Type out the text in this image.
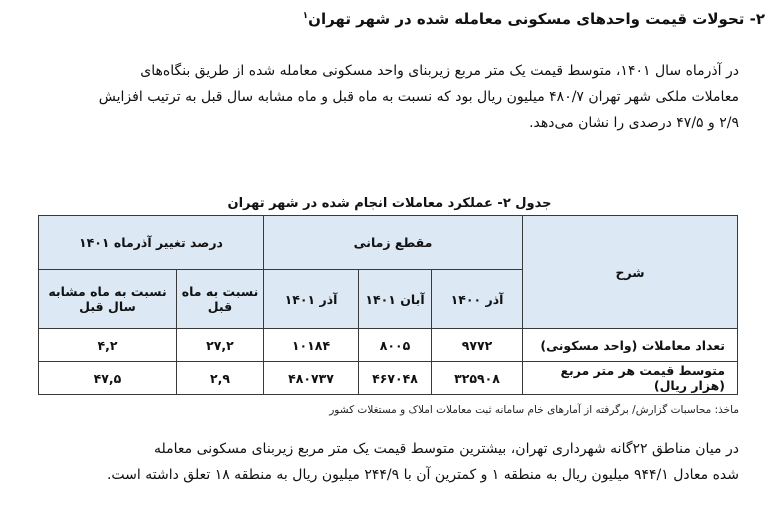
۲- تحولات قیمت واحدهای مسکونی معامله شده در شهر تهران$^۱$
در آذرماه سال ۱۴۰۱، متوسط قیمت یک متر مربع زیربنای واحد مسکونی معامله شده از طریق بنگاه‌های
معاملات ملکی شهر تهران ۴۸۰/۷ میلیون ریال بود که نسبت به ماه قبل و ماه مشابه سال قبل به ترتیب افزایش
۲/۹ و ۴۷/۵ درصدی را نشان می‌دهد.
جدول ۲- عملکرد معاملات انجام شده در شهر تهران
شرح	مقطع زمانی			درصد تغییر آذرماه ۱۴۰۱	
	آذر ۱۴۰۰	آبان ۱۴۰۱	آذر ۱۴۰۱	نسبت به ماه قبل	نسبت به ماه مشابه سال قبل
تعداد معاملات (واحد مسکونی)	۹۷۷۲	۸۰۰۵	۱۰۱۸۴	۲۷,۲	۴,۲
متوسط قیمت هر متر مربع (هزار ریال)	۳۲۵۹۰۸	۴۶۷۰۴۸	۴۸۰۷۳۷	۲,۹	۴۷,۵
ماخذ: محاسبات گزارش/ برگرفته از آمارهای خام سامانه ثبت معاملات املاک و مستغلات کشور
در میان مناطق ۲۲گانه شهرداری تهران، بیشترین متوسط قیمت یک متر مربع زیربنای مسکونی معامله
شده معادل ۹۴۴/۱ میلیون ریال به منطقه ۱ و کمترین آن با ۲۴۴/۹ میلیون ریال به منطقه ۱۸ تعلق داشته است.
